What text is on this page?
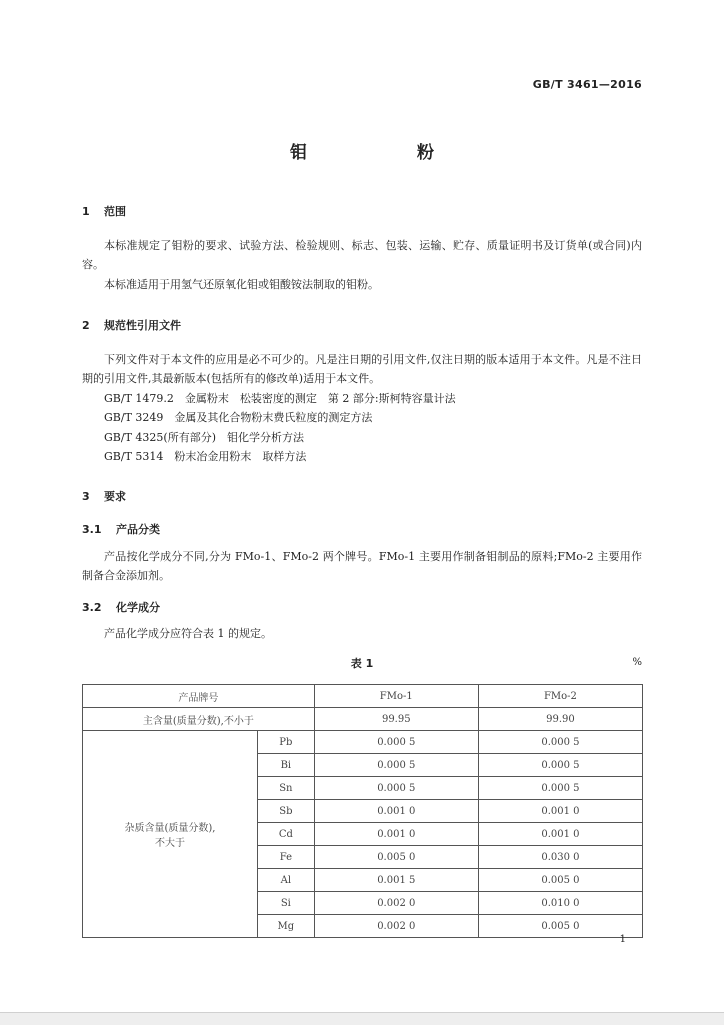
GB/T 3461—2016
钼 粉
1 范围
本标准规定了钼粉的要求、试验方法、检验规则、标志、包装、运输、贮存、质量证明书及订货单(或合同)内容。
本标准适用于用氢气还原氧化钼或钼酸铵法制取的钼粉。
2 规范性引用文件
下列文件对于本文件的应用是必不可少的。凡是注日期的引用文件,仅注日期的版本适用于本文件。凡是不注日期的引用文件,其最新版本(包括所有的修改单)适用于本文件。
GB/T 1479.2　金属粉末　松装密度的测定　第 2 部分:斯柯特容量计法
GB/T 3249　金属及其化合物粉末费氏粒度的测定方法
GB/T 4325(所有部分)　钼化学分析方法
GB/T 5314　粉末冶金用粉末　取样方法
3 要求
3.1 产品分类
产品按化学成分不同,分为 FMo-1、FMo-2 两个牌号。FMo-1 主要用作制备钼制品的原料;FMo-2 主要用作制备合金添加剂。
3.2 化学成分
产品化学成分应符合表 1 的规定。
表 1	%
产品牌号		FMo-1	FMo-2
主含量(质量分数),不小于		99.95	99.90
杂质含量(质量分数),
不大于	Pb	0.000 5	0.000 5
	Bi	0.000 5	0.000 5
	Sn	0.000 5	0.000 5
	Sb	0.001 0	0.001 0
	Cd	0.001 0	0.001 0
	Fe	0.005 0	0.030 0
	Al	0.001 5	0.005 0
	Si	0.002 0	0.010 0
	Mg	0.002 0	0.005 0
1
